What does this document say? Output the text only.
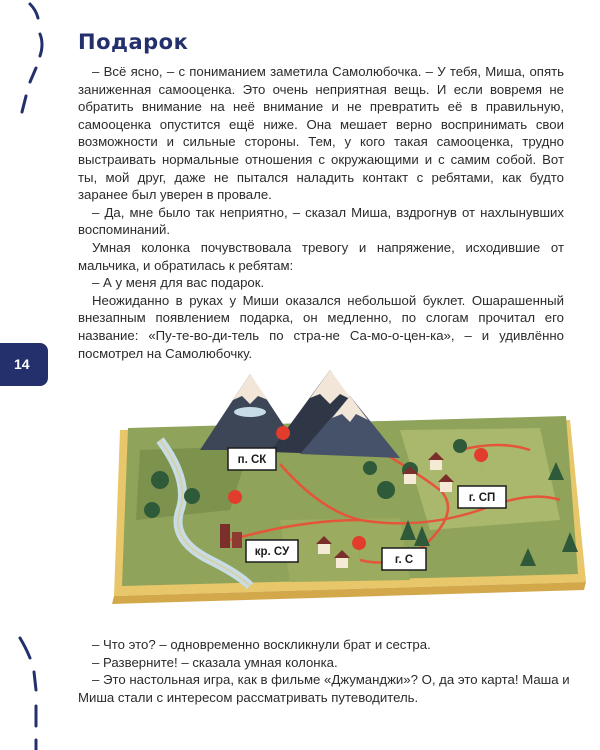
Подарок

– Всё ясно, – с пониманием заметила Самолюбочка. – У тебя, Миша, опять заниженная самооценка. Это очень неприятная вещь. И если вовремя не обратить внимание на неё внимание и не превратить её в правильную, самооценка опустится ещё ниже. Она мешает верно воспринимать свои возможности и сильные стороны. Тем, у кого такая самооценка, трудно выстраивать нормальные отношения с окружающими и с самим собой. Вот ты, мой друг, даже не пытался наладить контакт с ребятами, как будто заранее был уверен в провале.

– Да, мне было так неприятно, – сказал Миша, вздрогнув от нахлынувших воспоминаний.

Умная колонка почувствовала тревогу и напряжение, исходившие от мальчика, и обратилась к ребятам:

– А у меня для вас подарок.

Неожиданно в руках у Миши оказался небольшой буклет. Ошарашенный внезапным появлением подарка, он медленно, по слогам прочитал его название: «Пу-те-во-ди-тель по стра-не Са-мо-о-цен-ка», – и удивлённо посмотрел на Самолюбочку.

14
п. СК
г. СП
кр. СУ
г. С

– Что это? – одновременно воскликнули брат и сестра.

– Разверните! – сказала умная колонка.

– Это настольная игра, как в фильме «Джуманджи»? О, да это карта! Маша и Миша стали с интересом рассматривать путеводитель.
